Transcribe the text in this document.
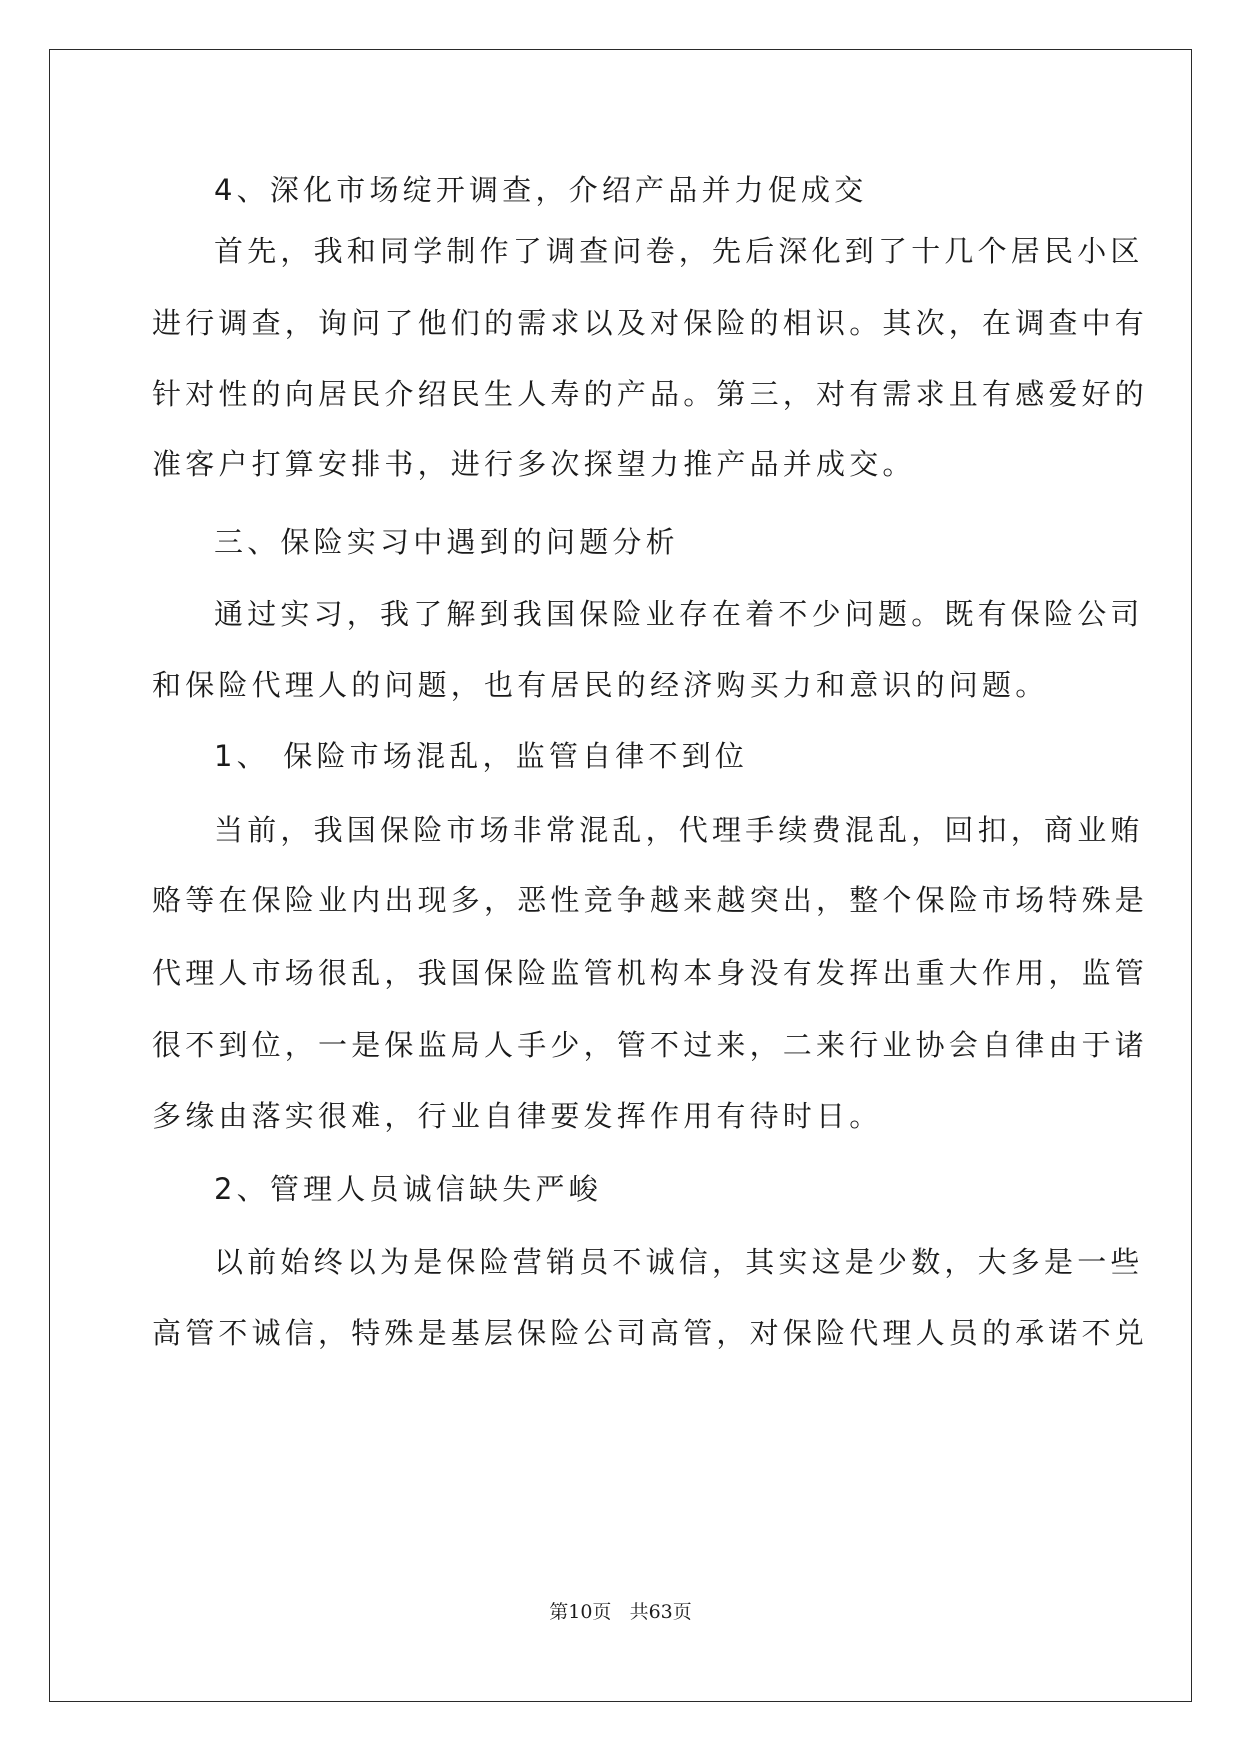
4、深化市场绽开调查，介绍产品并力促成交
首先，我和同学制作了调查问卷，先后深化到了十几个居民小区
进行调查，询问了他们的需求以及对保险的相识。其次，在调查中有
针对性的向居民介绍民生人寿的产品。第三，对有需求且有感爱好的
准客户打算安排书，进行多次探望力推产品并成交。
三、保险实习中遇到的问题分析
通过实习，我了解到我国保险业存在着不少问题。既有保险公司
和保险代理人的问题，也有居民的经济购买力和意识的问题。
1、 保险市场混乱，监管自律不到位
当前，我国保险市场非常混乱，代理手续费混乱，回扣，商业贿
赂等在保险业内出现多，恶性竞争越来越突出，整个保险市场特殊是
代理人市场很乱，我国保险监管机构本身没有发挥出重大作用，监管
很不到位，一是保监局人手少，管不过来，二来行业协会自律由于诸
多缘由落实很难，行业自律要发挥作用有待时日。
2、管理人员诚信缺失严峻
以前始终以为是保险营销员不诚信，其实这是少数，大多是一些
高管不诚信，特殊是基层保险公司高管，对保险代理人员的承诺不兑
第10页 共63页
